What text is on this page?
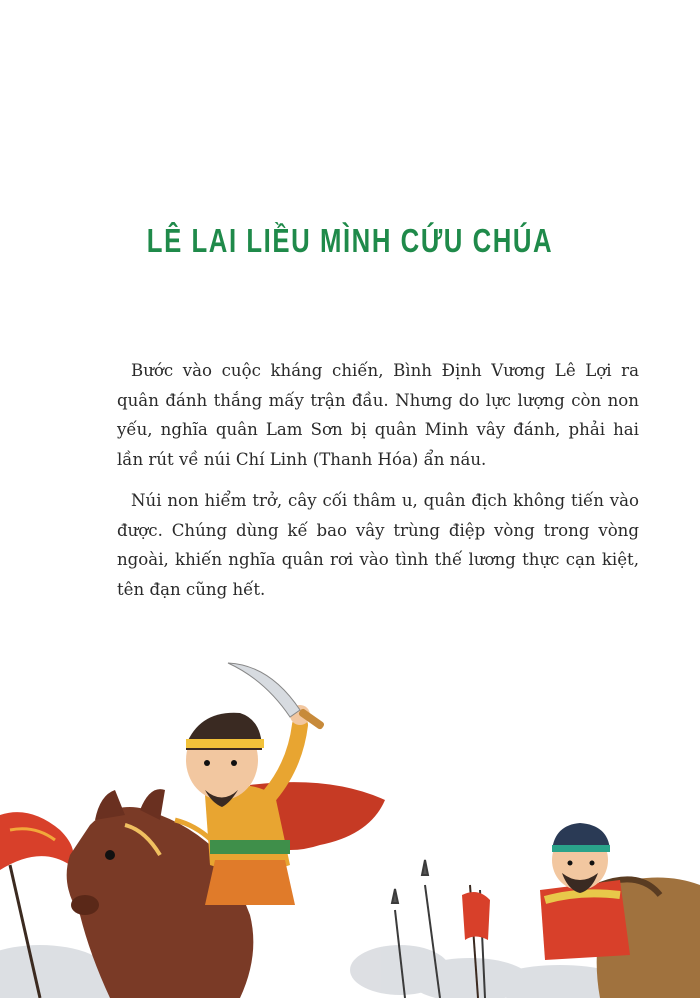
LÊ LAI LIỀU MÌNH CỨU CHÚA

Bước vào cuộc kháng chiến, Bình Định Vương Lê Lợi ra quân đánh thắng mấy trận đầu. Nhưng do lực lượng còn non yếu, nghĩa quân Lam Sơn bị quân Minh vây đánh, phải hai lần rút về núi Chí Linh (Thanh Hóa) ẩn náu.

Núi non hiểm trở, cây cối thâm u, quân địch không tiến vào được. Chúng dùng kế bao vây trùng điệp vòng trong vòng ngoài, khiến nghĩa quân rơi vào tình thế lương thực cạn kiệt, tên đạn cũng hết.
